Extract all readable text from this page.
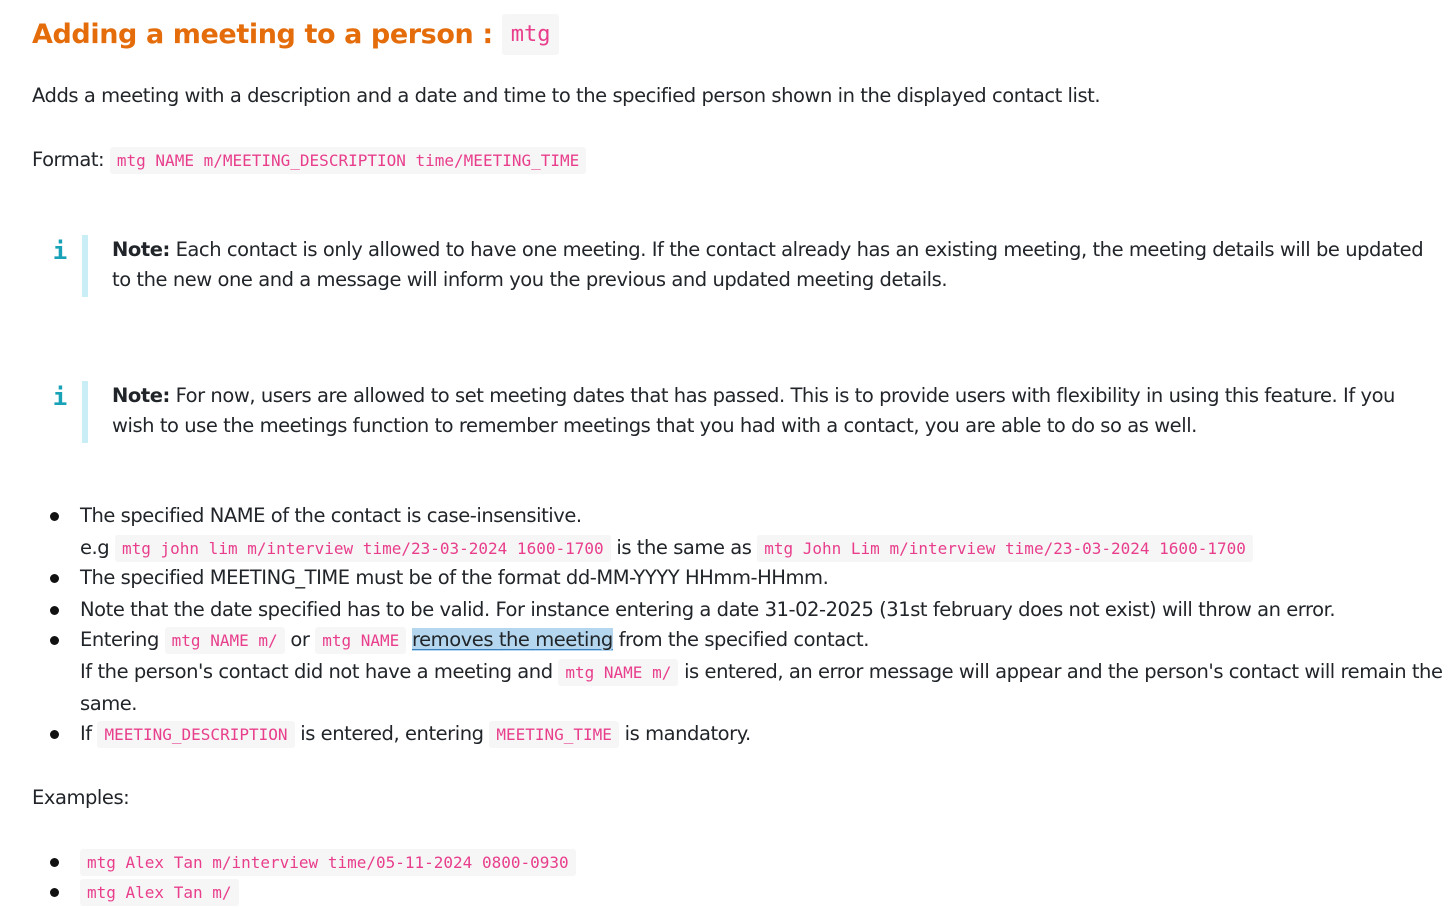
Adding a meeting to a person : mtg
Adds a meeting with a description and a date and time to the specified person shown in the displayed contact list.
Format: mtg NAME m/MEETING_DESCRIPTION time/MEETING_TIME
i Note: Each contact is only allowed to have one meeting. If the contact already has an existing meeting, the meeting details will be updated
to the new one and a message will inform you the previous and updated meeting details.
i Note: For now, users are allowed to set meeting dates that has passed. This is to provide users with flexibility in using this feature. If you
wish to use the meetings function to remember meetings that you had with a contact, you are able to do so as well.
The specified NAME of the contact is case-insensitive.
e.g mtg john lim m/interview time/23-03-2024 1600-1700 is the same as mtg John Lim m/interview time/23-03-2024 1600-1700
The specified MEETING_TIME must be of the format dd-MM-YYYY HHmm-HHmm.
Note that the date specified has to be valid. For instance entering a date 31-02-2025 (31st february does not exist) will throw an error.
Entering mtg NAME m/ or mtg NAME removes the meeting from the specified contact.
If the person's contact did not have a meeting and mtg NAME m/ is entered, an error message will appear and the person's contact will remain the
same.
If MEETING_DESCRIPTION is entered, entering MEETING_TIME is mandatory.
Examples:
mtg Alex Tan m/interview time/05-11-2024 0800-0930
mtg Alex Tan m/
